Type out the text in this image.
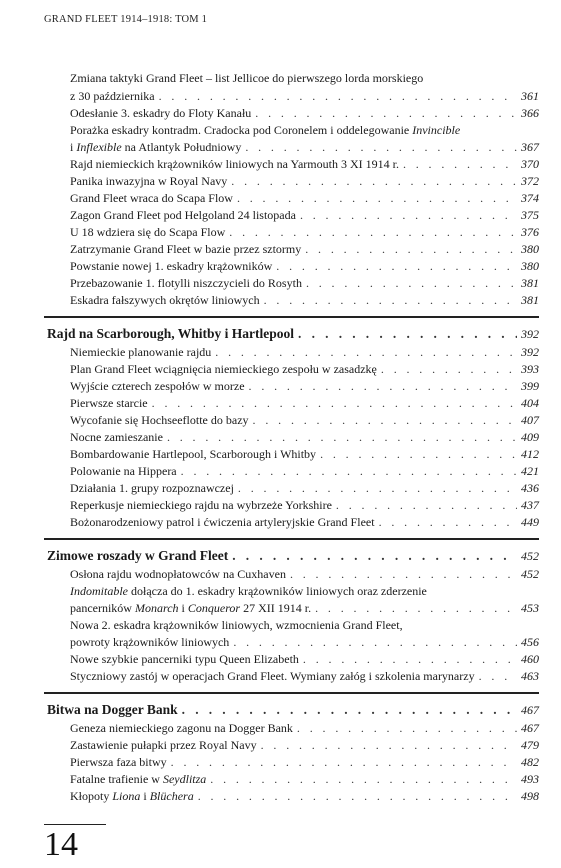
GRAND FLEET 1914–1918: TOM 1
Zmiana taktyki Grand Fleet – list Jellicoe do pierwszego lorda morskiego
z 30 października . . .	361
Odesłanie 3. eskadry do Floty Kanału . . .	366
Porażka eskadry kontradm. Cradocka pod Coronelem i oddelegowanie Invincible
i Inflexible na Atlantyk Południowy . . .	367
Rajd niemieckich krążowników liniowych na Yarmouth 3 XI 1914 r. . . .	370
Panika inwazyjna w Royal Navy . . .	372
Grand Fleet wraca do Scapa Flow . . .	374
Zagon Grand Fleet pod Helgoland 24 listopada . . .	375
U 18 wdziera się do Scapa Flow . . .	376
Zatrzymanie Grand Fleet w bazie przez sztormy . . .	380
Powstanie nowej 1. eskadry krążowników . . .	380
Przebazowanie 1. flotylli niszczycieli do Rosyth . . .	381
Eskadra fałszywych okrętów liniowych . . .	381
Rajd na Scarborough, Whitby i Hartlepool . . .	392
Niemieckie planowanie rajdu . . .	392
Plan Grand Fleet wciągnięcia niemieckiego zespołu w zasadzkę . . .	393
Wyjście czterech zespołów w morze . . .	399
Pierwsze starcie . . .	404
Wycofanie się Hochseeflotte do bazy . . .	407
Nocne zamieszanie . . .	409
Bombardowanie Hartlepool, Scarborough i Whitby . . .	412
Polowanie na Hippera . . .	421
Działania 1. grupy rozpoznawczej . . .	436
Reperkusje niemieckiego rajdu na wybrzeże Yorkshire . . .	437
Bożonarodzeniowy patrol i ćwiczenia artyleryjskie Grand Fleet . . .	449
Zimowe roszady w Grand Fleet . . .	452
Osłona rajdu wodnopłatowców na Cuxhaven . . .	452
Indomitable dołącza do 1. eskadry krążowników liniowych oraz zderzenie
pancerników Monarch i Conqueror 27 XII 1914 r. . . .	453
Nowa 2. eskadra krążowników liniowych, wzmocnienia Grand Fleet,
powroty krążowników liniowych . . .	456
Nowe szybkie pancerniki typu Queen Elizabeth . . .	460
Styczniowy zastój w operacjach Grand Fleet. Wymiany załóg i szkolenia marynarzy . . .	463
Bitwa na Dogger Bank . . .	467
Geneza niemieckiego zagonu na Dogger Bank . . .	467
Zastawienie pułapki przez Royal Navy . . .	479
Pierwsza faza bitwy . . .	482
Fatalne trafienie w Seydlitza . . .	493
Kłopoty Liona i Blüchera . . .	498
14
